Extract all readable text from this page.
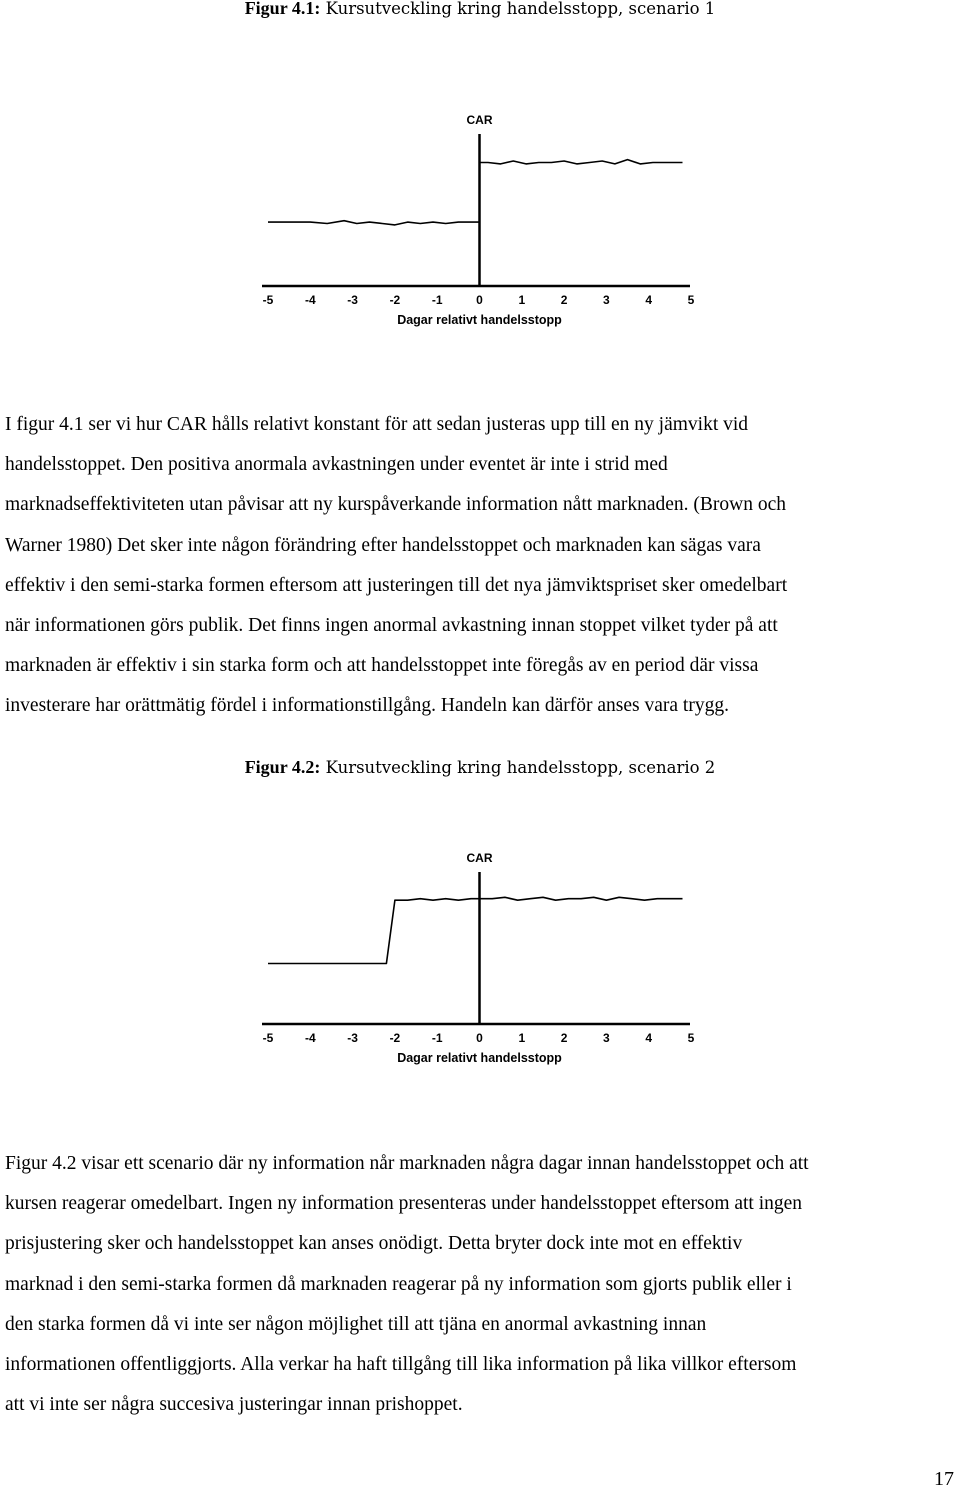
Figur 4.1: Kursutveckling kring handelsstopp, scenario 1
CAR
-5	-4	-3	-2	-1	0	1	2	3	4	5
Dagar relativt handelsstopp

I figur 4.1 ser vi hur CAR hålls relativt konstant för att sedan justeras upp till en ny jämvikt vid
handelsstoppet. Den positiva anormala avkastningen under eventet är inte i strid med
marknadseffektiviteten utan påvisar att ny kurspåverkande information nått marknaden. (Brown och
Warner 1980) Det sker inte någon förändring efter handelsstoppet och marknaden kan sägas vara
effektiv i den semi-starka formen eftersom att justeringen till det nya jämviktspriset sker omedelbart
när informationen görs publik. Det finns ingen anormal avkastning innan stoppet vilket tyder på att
marknaden är effektiv i sin starka form och att handelsstoppet inte föregås av en period där vissa
investerare har orättmätig fördel i informationstillgång. Handeln kan därför anses vara trygg.

Figur 4.2: Kursutveckling kring handelsstopp, scenario 2
CAR
-5	-4	-3	-2	-1	0	1	2	3	4	5
Dagar relativt handelsstopp

Figur 4.2 visar ett scenario där ny information når marknaden några dagar innan handelsstoppet och att
kursen reagerar omedelbart. Ingen ny information presenteras under handelsstoppet eftersom att ingen
prisjustering sker och handelsstoppet kan anses onödigt. Detta bryter dock inte mot en effektiv
marknad i den semi-starka formen då marknaden reagerar på ny information som gjorts publik eller i
den starka formen då vi inte ser någon möjlighet till att tjäna en anormal avkastning innan
informationen offentliggjorts. Alla verkar ha haft tillgång till lika information på lika villkor eftersom
att vi inte ser några succesiva justeringar innan prishoppet.

17
